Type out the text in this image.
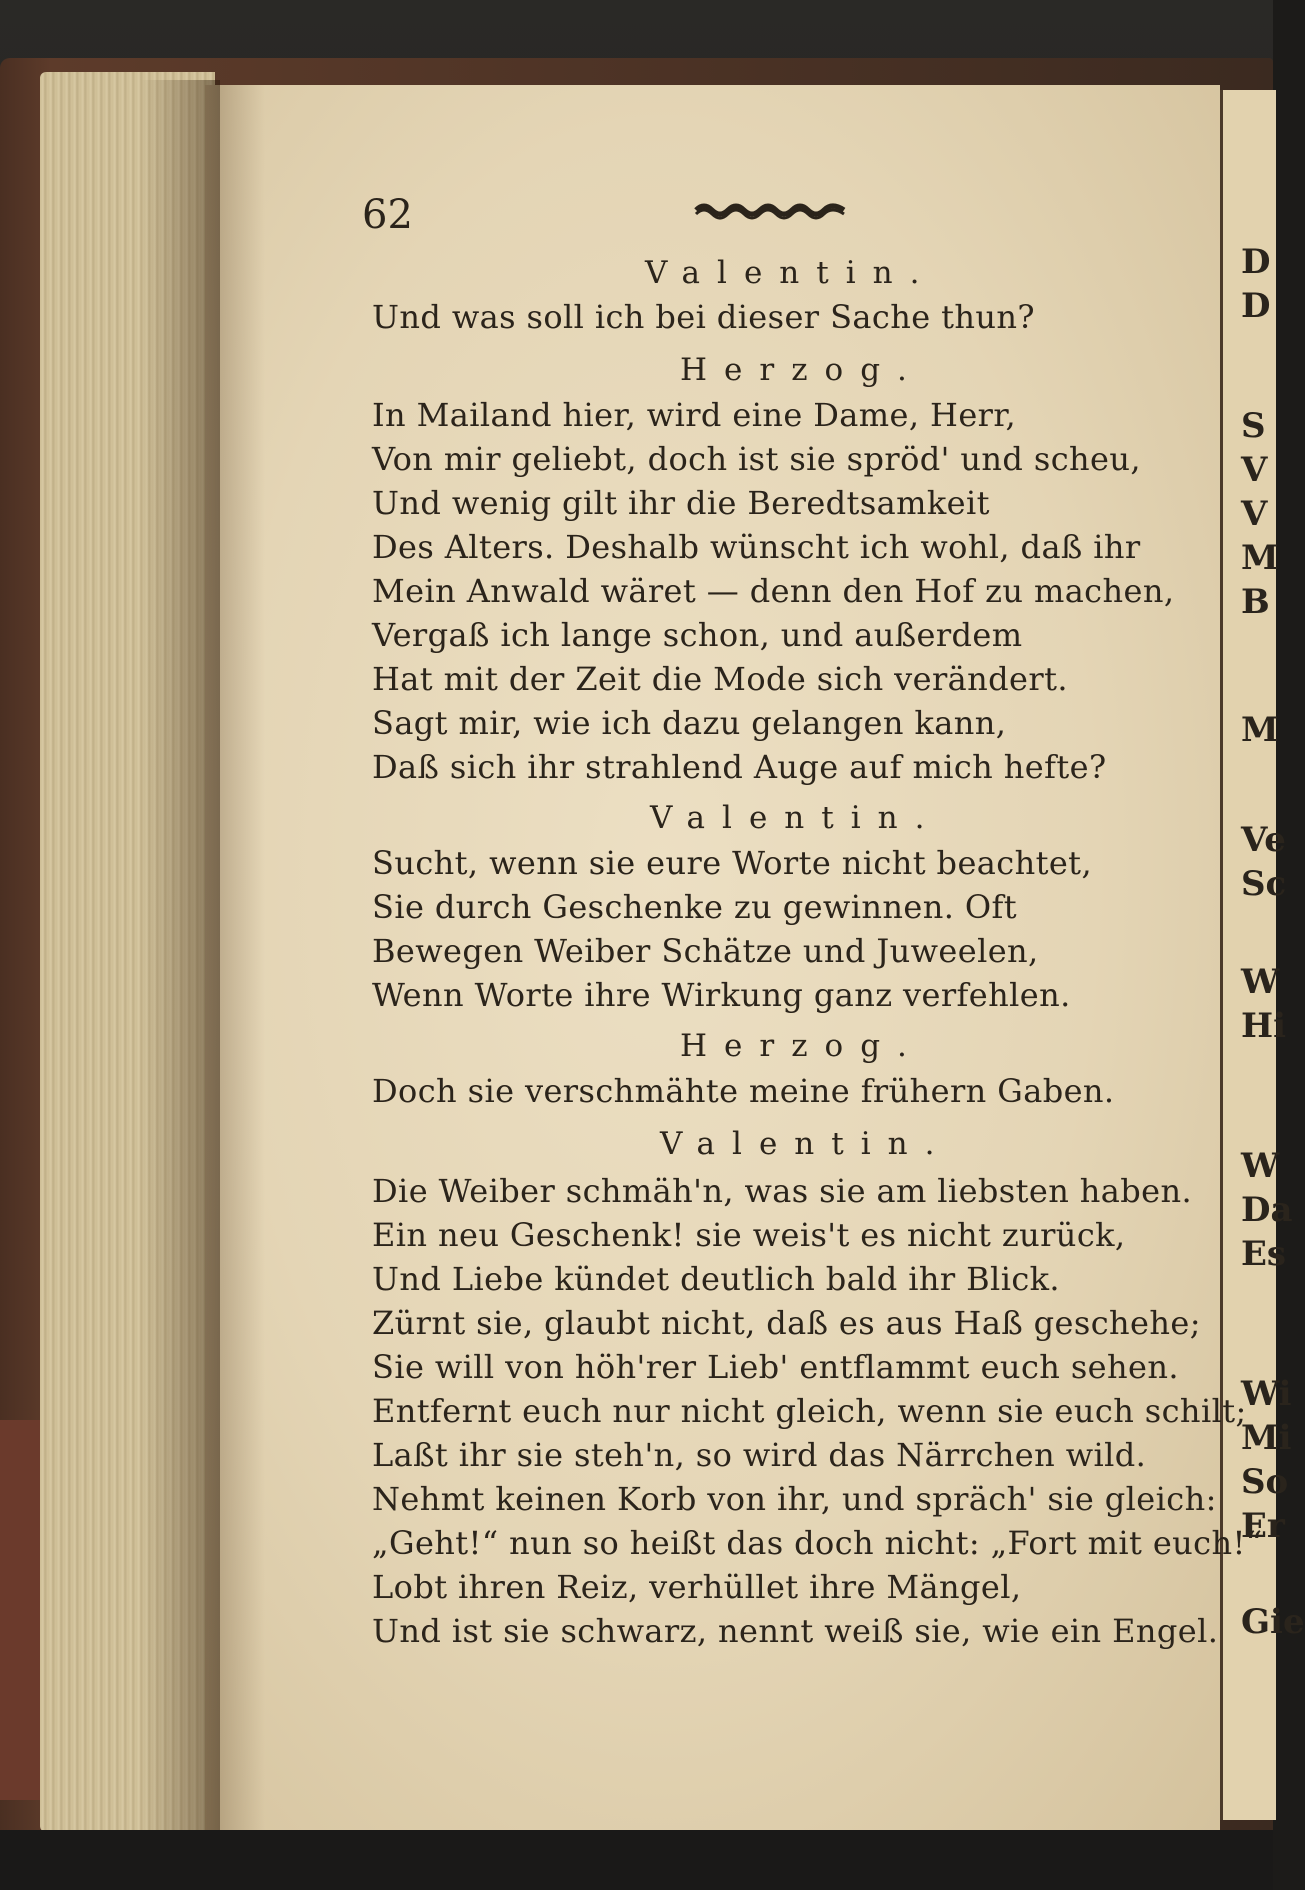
D
D
S
V
V
M
B
M
Ve
Sc
W
Hi
W
Da
Es
Wi
Mi
So
Er
Gie
62
Valentin.
Und was soll ich bei dieser Sache thun?
Herzog.
In Mailand hier, wird eine Dame, Herr,
Von mir geliebt, doch ist sie spröd' und scheu,
Und wenig gilt ihr die Beredtsamkeit
Des Alters. Deshalb wünscht ich wohl, daß ihr
Mein Anwald wäret — denn den Hof zu machen,
Vergaß ich lange schon, und außerdem
Hat mit der Zeit die Mode sich verändert.
Sagt mir, wie ich dazu gelangen kann,
Daß sich ihr strahlend Auge auf mich hefte?
Valentin.
Sucht, wenn sie eure Worte nicht beachtet,
Sie durch Geschenke zu gewinnen. Oft
Bewegen Weiber Schätze und Juweelen,
Wenn Worte ihre Wirkung ganz verfehlen.
Herzog.
Doch sie verschmähte meine frühern Gaben.
Valentin.
Die Weiber schmäh'n, was sie am liebsten haben.
Ein neu Geschenk! sie weis't es nicht zurück,
Und Liebe kündet deutlich bald ihr Blick.
Zürnt sie, glaubt nicht, daß es aus Haß geschehe;
Sie will von höh'rer Lieb' entflammt euch sehen.
Entfernt euch nur nicht gleich, wenn sie euch schilt;
Laßt ihr sie steh'n, so wird das Närrchen wild.
Nehmt keinen Korb von ihr, und spräch' sie gleich:
„Geht!“ nun so heißt das doch nicht: „Fort mit euch!“
Lobt ihren Reiz, verhüllet ihre Mängel,
Und ist sie schwarz, nennt weiß sie, wie ein Engel.
